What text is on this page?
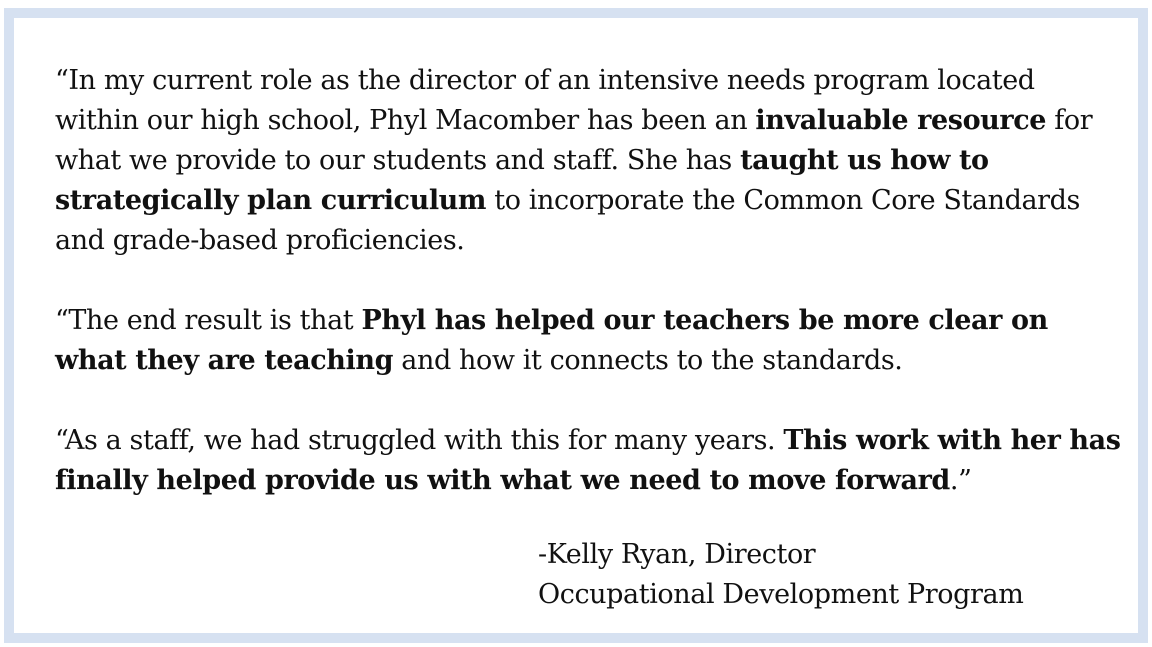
“In my current role as the director of an intensive needs program located within our high school, Phyl Macomber has been an invaluable resource for what we provide to our students and staff. She has taught us how to strategically plan curriculum to incorporate the Common Core Standards and grade-based proficiencies.

“The end result is that Phyl has helped our teachers be more clear on what they are teaching and how it connects to the standards.

“As a staff, we had struggled with this for many years. This work with her has finally helped provide us with what we need to move forward.”

-Kelly Ryan, Director
Occupational Development Program
